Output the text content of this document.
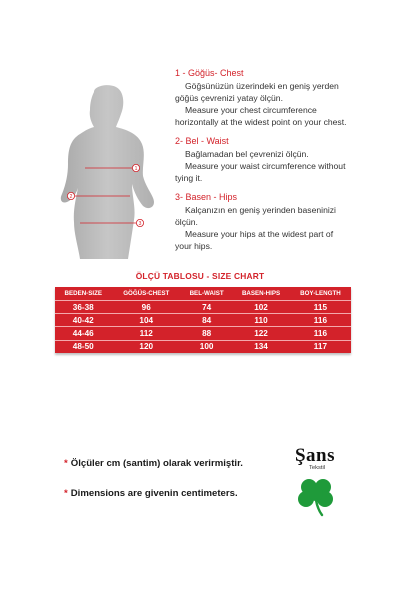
1
2
3
1 - Göğüs- Chest
Göğsünüzün üzerindeki en geniş yerden
göğüs çevrenizi yatay ölçün.
Measure your chest circumference
horizontally at the widest point on your chest.
2- Bel - Waist
Bağlamadan bel çevrenizi ölçün.
Measure your waist circumference without
tying it.
3- Basen - Hips
Kalçanızın en geniş yerinden baseninizi
ölçün.
Measure your hips at the widest part of
your hips.
ÖLÇÜ TABLOSU - SIZE CHART
BEDEN-SIZE	GÖĞÜS-CHEST	BEL-WAIST	BASEN-HIPS	BOY-LENGTH
36-38	96	74	102	115
40-42	104	84	110	116
44-46	112	88	122	116
48-50	120	100	134	117
* Ölçüler cm (santim) olarak verirmiştir.
* Dimensions are givenin centimeters.
Şans
Tekstil
